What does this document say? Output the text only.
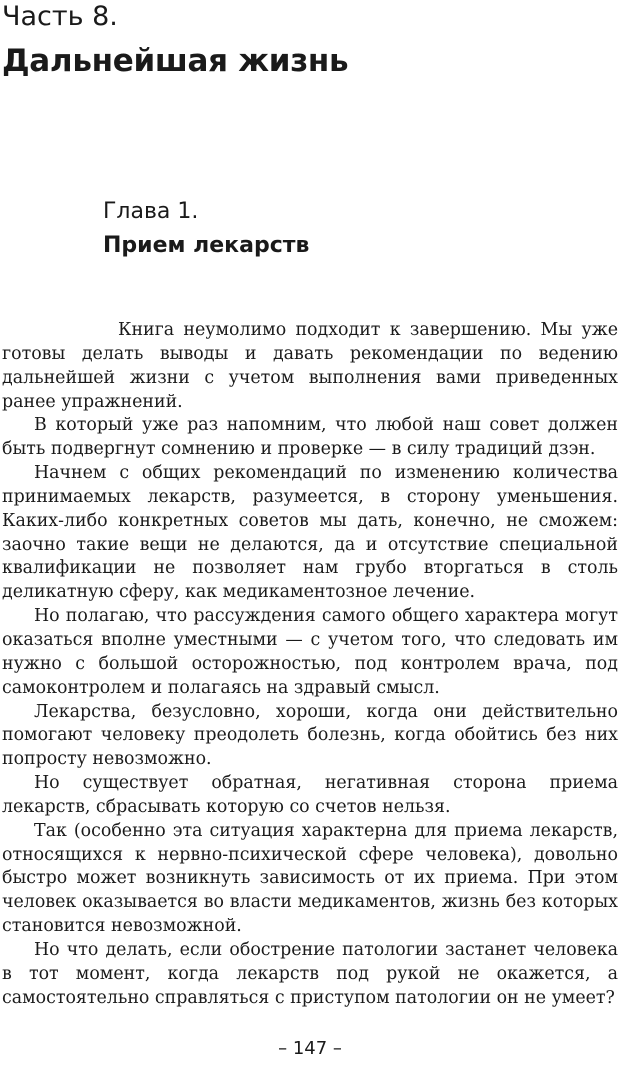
Часть 8.
Дальнейшая жизнь
Глава 1.
Прием лекарств

Книга неумолимо подходит к завершению. Мы уже готовы делать выводы и давать рекомендации по ведению дальнейшей жизни с учетом выполнения вами приведенных ранее упражнений.

В который уже раз напомним, что любой наш совет должен быть подвергнут сомнению и проверке — в силу традиций дзэн.

Начнем с общих рекомендаций по изменению количества принимаемых лекарств, разумеется, в сторону уменьшения. Каких-либо конкретных советов мы дать, конечно, не сможем: заочно такие вещи не делаются, да и отсутствие специальной квалификации не позволяет нам грубо вторгаться в столь деликатную сферу, как медикаментозное лечение.

Но полагаю, что рассуждения самого общего характера могут оказаться вполне уместными — с учетом того, что следовать им нужно с большой осторожностью, под контролем врача, под самоконтролем и полагаясь на здравый смысл.

Лекарства, безусловно, хороши, когда они действительно помогают человеку преодолеть болезнь, когда обойтись без них попросту невозможно.

Но существует обратная, негативная сторона приема лекарств, сбрасывать которую со счетов нельзя.

Так (особенно эта ситуация характерна для приема лекарств, относящихся к нервно-психической сфере человека), довольно быстро может возникнуть зависимость от их приема. При этом человек оказывается во власти медикаментов, жизнь без которых становится невозможной.

Но что делать, если обострение патологии застанет человека в тот момент, когда лекарств под рукой не окажется, а самостоятельно справляться с приступом патологии он не умеет?

– 147 –
